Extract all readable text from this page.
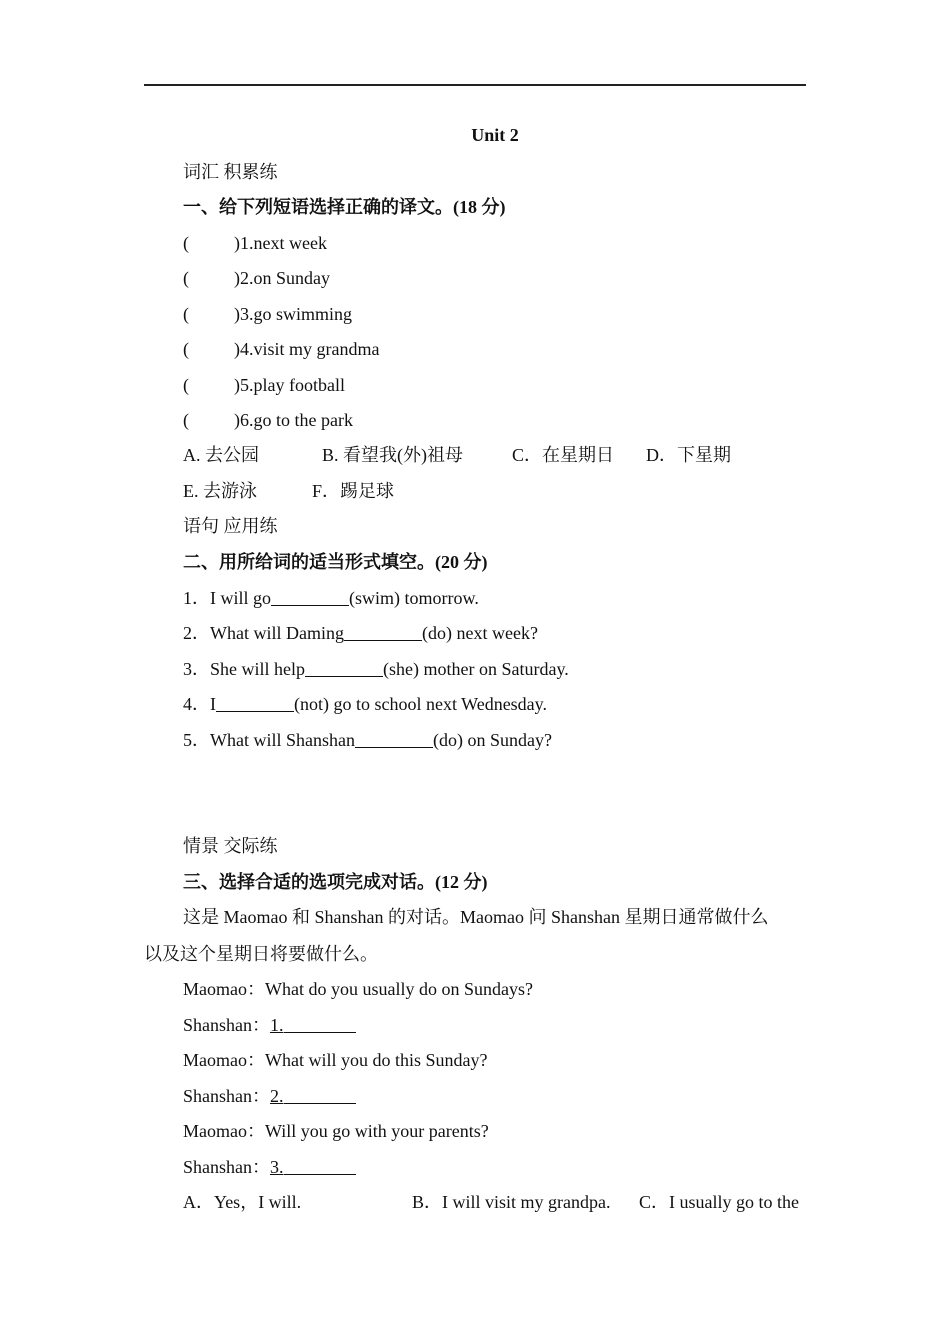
Unit 2
词汇 积累练
一、给下列短语选择正确的译文。(18 分)
(	)1.next week
(	)2.on Sunday
(	)3.go swimming
(	)4.visit my grandma
(	)5.play football
(	)6.go to the park
A. 去公园	B. 看望我(外)祖母	C．在星期日 D．下星期
E. 去游泳	F．踢足球
语句 应用练
二、用所给词的适当形式填空。(20 分)
1．I will go	(swim) tomorrow.
2．What will Daming	(do) next week?
3．She will help	(she) mother on Saturday.
4．I	(not) go to school next Wednesday.
5．What will Shanshan	(do) on Sunday?
情景 交际练
三、选择合适的选项完成对话。(12 分)
这是 Maomao 和 Shanshan 的对话。Maomao 问 Shanshan 星期日通常做什么
以及这个星期日将要做什么。
Maomao：What do you usually do on Sundays?
Shanshan：1.
Maomao：What will you do this Sunday?
Shanshan：2.
Maomao：Will you go with your parents?
Shanshan：3.
A．Yes，I will.	B．I will visit my grandpa. C．I usually go to the
